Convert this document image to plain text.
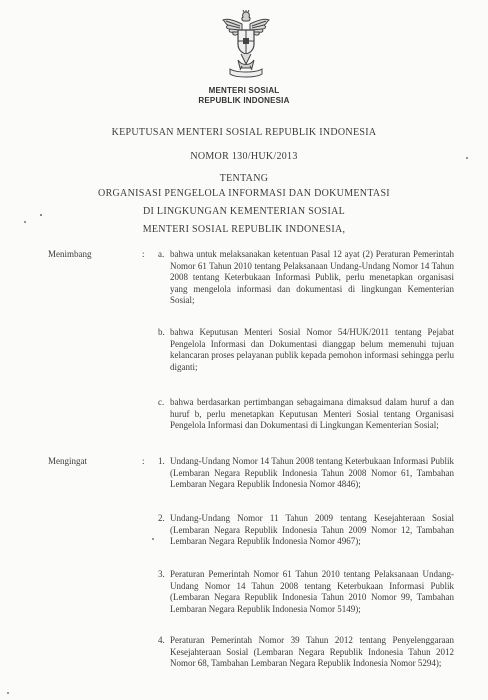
MENTERI SOSIAL
REPUBLIK INDONESIA
KEPUTUSAN MENTERI SOSIAL REPUBLIK INDONESIA
NOMOR 130/HUK/2013
TENTANG
ORGANISASI PENGELOLA INFORMASI DAN DOKUMENTASI
DI LINGKUNGAN KEMENTERIAN SOSIAL
MENTERI SOSIAL REPUBLIK INDONESIA,
Menimbang	: a. bahwa untuk melaksanakan ketentuan Pasal 12 ayat (2) Peraturan Pemerintah Nomor 61 Tahun 2010 tentang Pelaksanaan Undang-Undang Nomor 14 Tahun 2008 tentang Keterbukaan Informasi Publik, perlu menetapkan organisasi yang mengelola informasi dan dokumentasi di lingkungan Kementerian Sosial;
b. bahwa Keputusan Menteri Sosial Nomor 54/HUK/2011 tentang Pejabat Pengelola Informasi dan Dokumentasi dianggap belum memenuhi tujuan kelancaran proses pelayanan publik kepada pemohon informasi sehingga perlu diganti;
c. bahwa berdasarkan pertimbangan sebagaimana dimaksud dalam huruf a dan huruf b, perlu menetapkan Keputusan Menteri Sosial tentang Organisasi Pengelola Informasi dan Dokumentasi di Lingkungan Kementerian Sosial;
Mengingat	: 1. Undang-Undang Nomor 14 Tahun 2008 tentang Keterbukaan Informasi Publik (Lembaran Negara Republik Indonesia Tahun 2008 Nomor 61, Tambahan Lembaran Negara Republik Indonesia Nomor 4846);
2. Undang-Undang Nomor 11 Tahun 2009 tentang Kesejahteraan Sosial (Lembaran Negara Republik Indonesia Tahun 2009 Nomor 12, Tambahan Lembaran Negara Republik Indonesia Nomor 4967);
3. Peraturan Pemerintah Nomor 61 Tahun 2010 tentang Pelaksanaan Undang-Undang Nomor 14 Tahun 2008 tentang Keterbukaan Informasi Publik (Lembaran Negara Republik Indonesia Tahun 2010 Nomor 99, Tambahan Lembaran Negara Republik Indonesia Nomor 5149);
4. Peraturan Pemerintah Nomor 39 Tahun 2012 tentang Penyelenggaraan Kesejahteraan Sosial (Lembaran Negara Republik Indonesia Tahun 2012 Nomor 68, Tambahan Lembaran Negara Republik Indonesia Nomor 5294);
